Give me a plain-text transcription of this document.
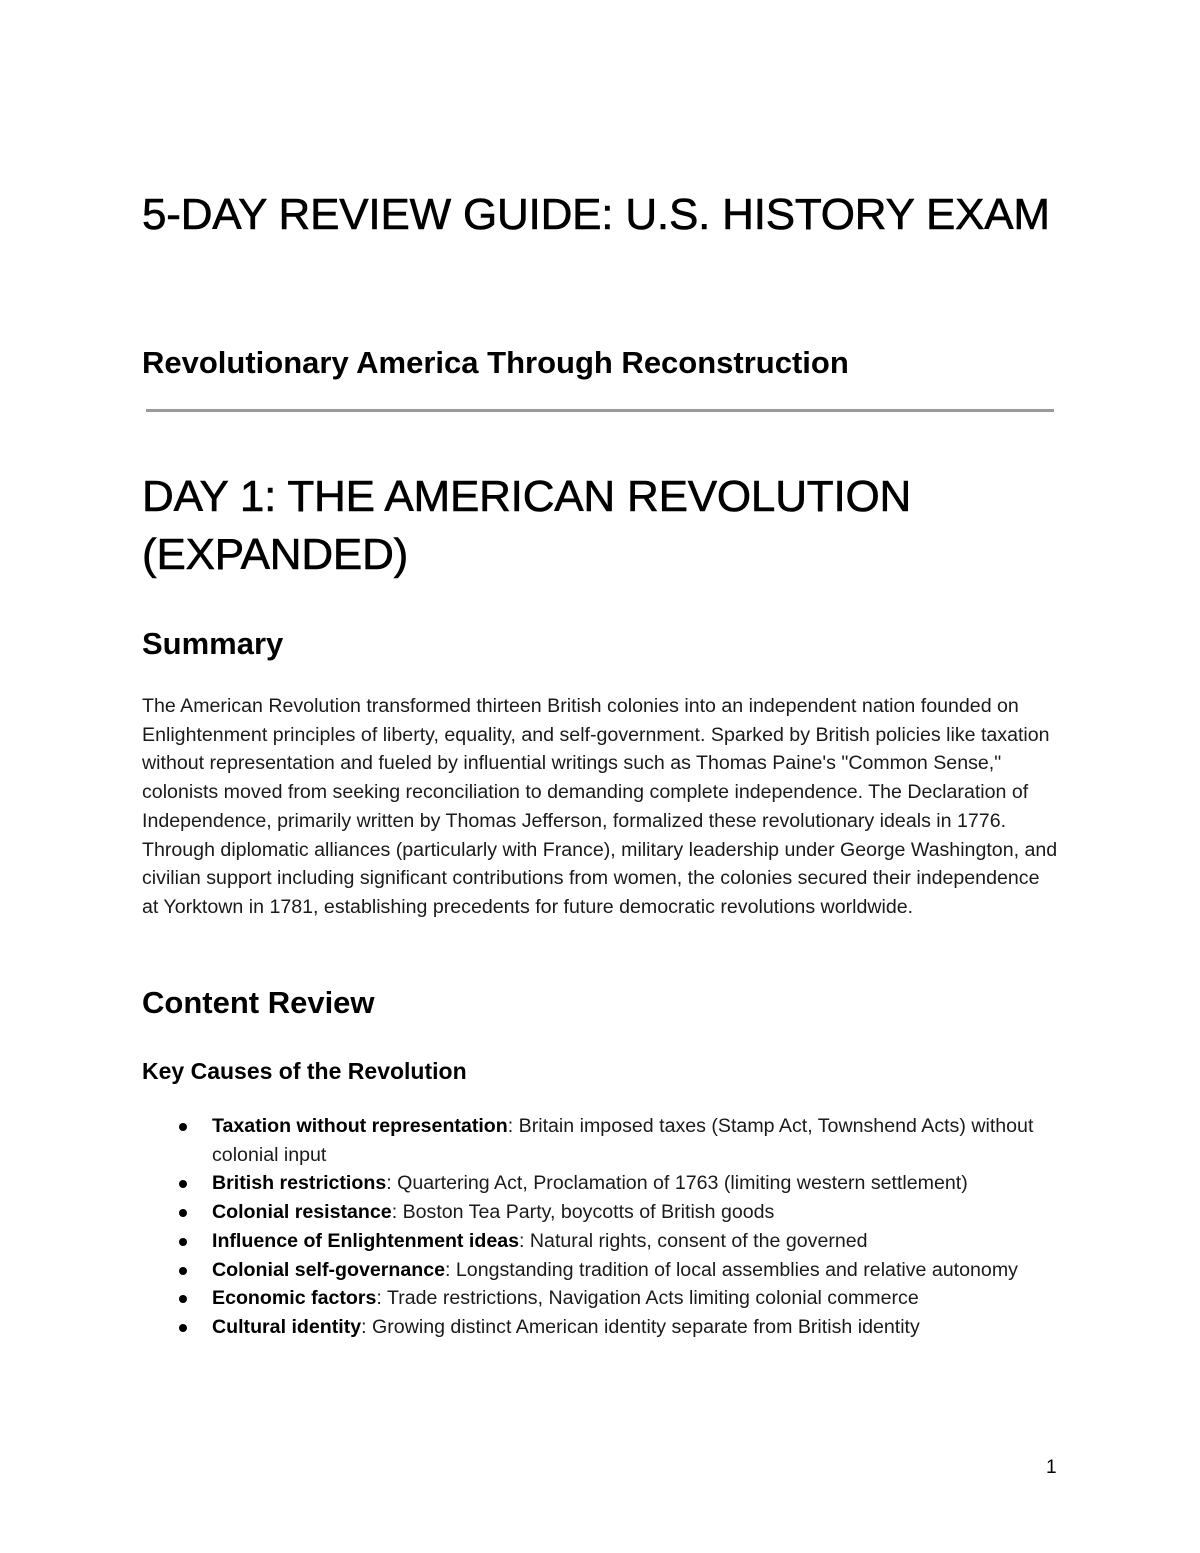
5-DAY REVIEW GUIDE: U.S. HISTORY EXAM
Revolutionary America Through Reconstruction
DAY 1: THE AMERICAN REVOLUTION (EXPANDED)
Summary

The American Revolution transformed thirteen British colonies into an independent nation founded on Enlightenment principles of liberty, equality, and self-government. Sparked by British policies like taxation without representation and fueled by influential writings such as Thomas Paine's "Common Sense," colonists moved from seeking reconciliation to demanding complete independence. The Declaration of Independence, primarily written by Thomas Jefferson, formalized these revolutionary ideals in 1776. Through diplomatic alliances (particularly with France), military leadership under George Washington, and civilian support including significant contributions from women, the colonies secured their independence at Yorktown in 1781, establishing precedents for future democratic revolutions worldwide.

Content Review
Key Causes of the Revolution
Taxation without representation: Britain imposed taxes (Stamp Act, Townshend Acts) without colonial input
British restrictions: Quartering Act, Proclamation of 1763 (limiting western settlement)
Colonial resistance: Boston Tea Party, boycotts of British goods
Influence of Enlightenment ideas: Natural rights, consent of the governed
Colonial self-governance: Longstanding tradition of local assemblies and relative autonomy
Economic factors: Trade restrictions, Navigation Acts limiting colonial commerce
Cultural identity: Growing distinct American identity separate from British identity
1
